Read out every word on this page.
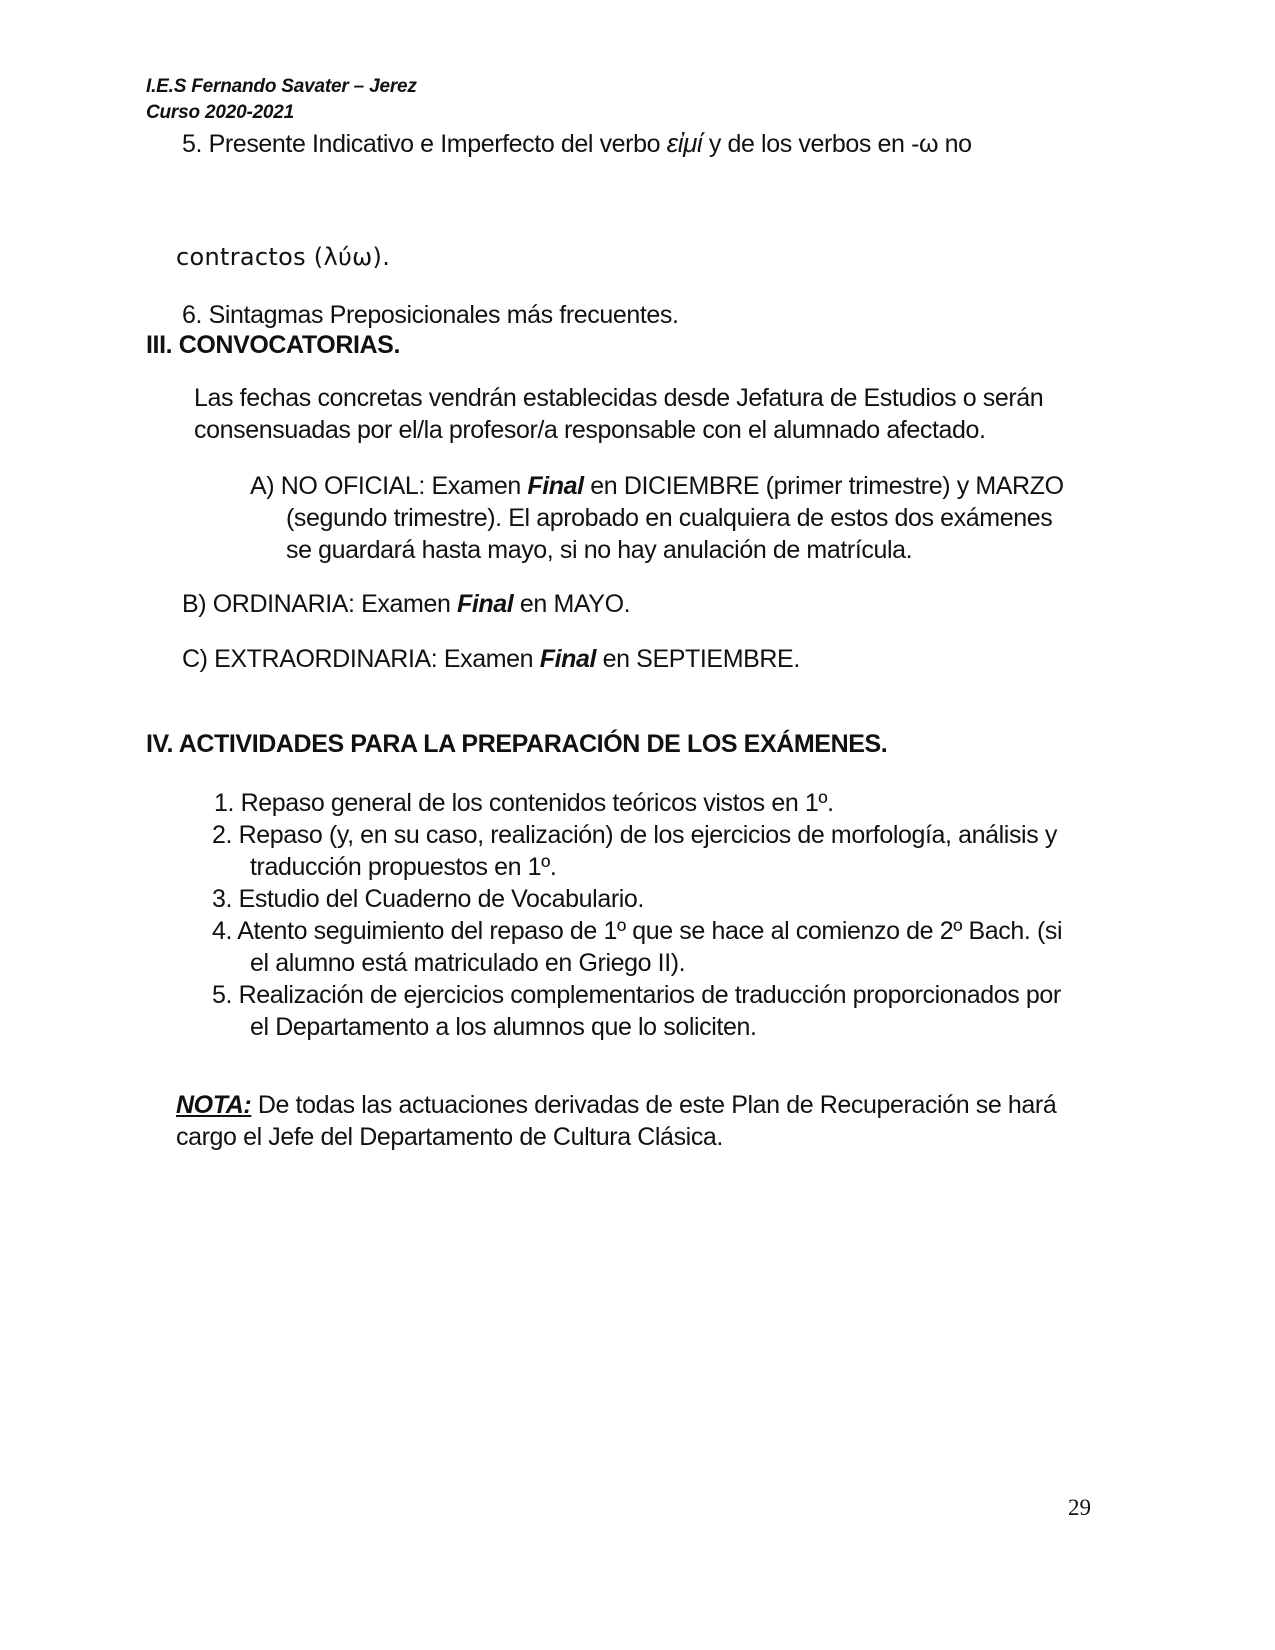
I.E.S Fernando Savater – Jerez
Curso 2020-2021
5. Presente Indicativo e Imperfecto del verbo εἰμί y de los verbos en -ω no
contractos (λύω).
6. Sintagmas Preposicionales más frecuentes.
III. CONVOCATORIAS.
Las fechas concretas vendrán establecidas desde Jefatura de Estudios o serán
consensuadas por el/la profesor/a responsable con el alumnado afectado.
A) NO OFICIAL: Examen Final en DICIEMBRE (primer trimestre) y MARZO
(segundo trimestre). El aprobado en cualquiera de estos dos exámenes
se guardará hasta mayo, si no hay anulación de matrícula.
B) ORDINARIA: Examen Final en MAYO.
C) EXTRAORDINARIA: Examen Final en SEPTIEMBRE.
IV. ACTIVIDADES PARA LA PREPARACIÓN DE LOS EXÁMENES.
1. Repaso general de los contenidos teóricos vistos en 1º.
2. Repaso (y, en su caso, realización) de los ejercicios de morfología, análisis y
traducción propuestos en 1º.
3. Estudio del Cuaderno de Vocabulario.
4. Atento seguimiento del repaso de 1º que se hace al comienzo de 2º Bach. (si
el alumno está matriculado en Griego II).
5. Realización de ejercicios complementarios de traducción proporcionados por
el Departamento a los alumnos que lo soliciten.
NOTA: De todas las actuaciones derivadas de este Plan de Recuperación se hará
cargo el Jefe del Departamento de Cultura Clásica.
29
